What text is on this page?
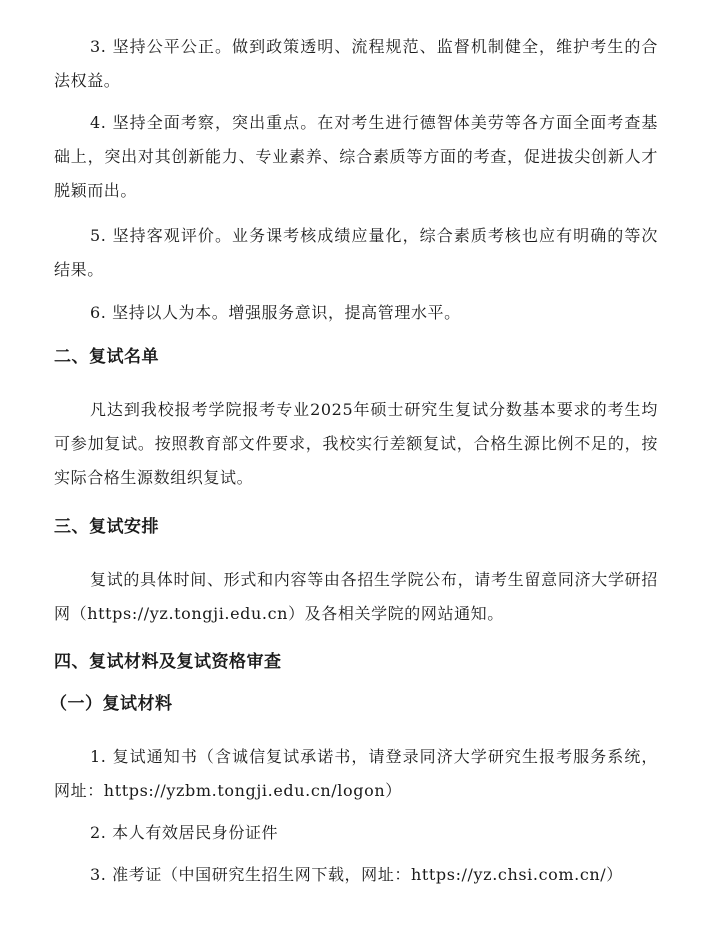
3. 坚持公平公正。做到政策透明、流程规范、监督机制健全，维护考生的合法权益。

4. 坚持全面考察，突出重点。在对考生进行德智体美劳等各方面全面考查基础上，突出对其创新能力、专业素养、综合素质等方面的考查，促进拔尖创新人才脱颖而出。

5. 坚持客观评价。业务课考核成绩应量化，综合素质考核也应有明确的等次结果。

6. 坚持以人为本。增强服务意识，提高管理水平。

二、复试名单

凡达到我校报考学院报考专业2025年硕士研究生复试分数基本要求的考生均可参加复试。按照教育部文件要求，我校实行差额复试，合格生源比例不足的，按实际合格生源数组织复试。

三、复试安排

复试的具体时间、形式和内容等由各招生学院公布，请考生留意同济大学研招网（https://yz.tongji.edu.cn）及各相关学院的网站通知。

四、复试材料及复试资格审查
（一）复试材料

1. 复试通知书（含诚信复试承诺书，请登录同济大学研究生报考服务系统，网址：https://yzbm.tongji.edu.cn/logon）

2. 本人有效居民身份证件

3. 准考证（中国研究生招生网下载，网址：https://yz.chsi.com.cn/）
